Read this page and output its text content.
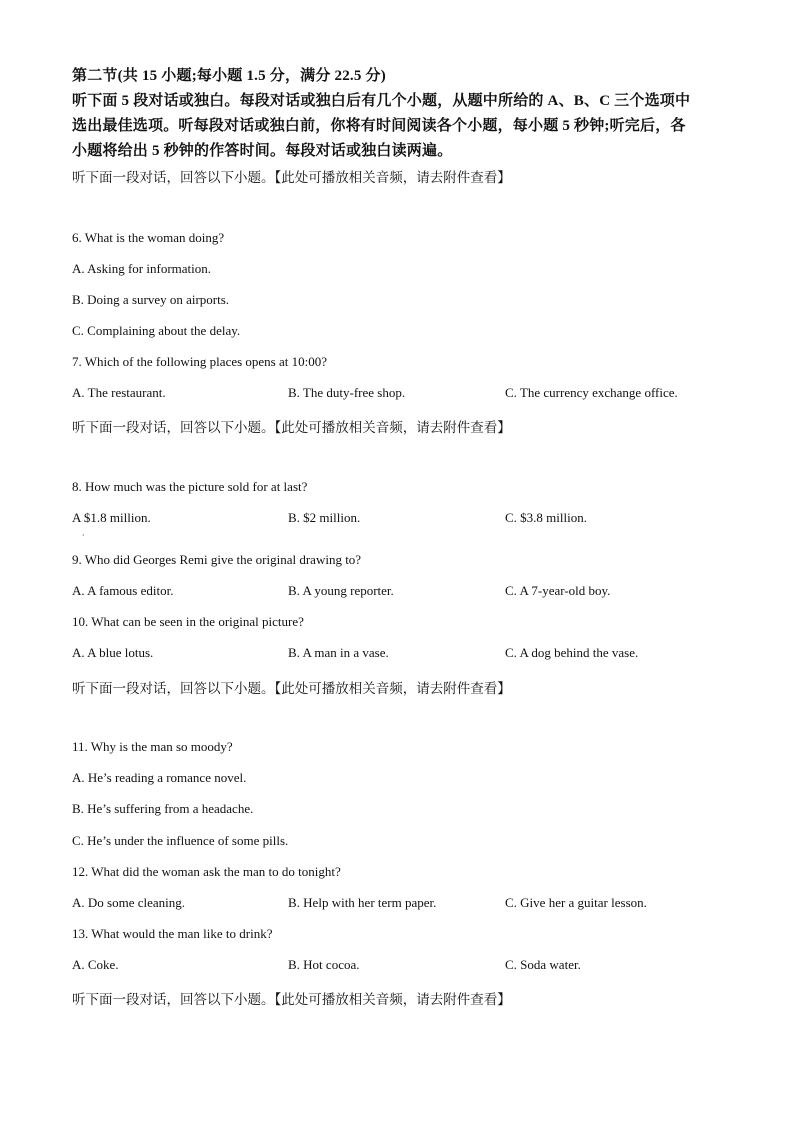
第二节(共 15 小题;每小题 1.5 分，满分 22.5 分)
听下面 5 段对话或独白。每段对话或独白后有几个小题，从题中所给的 A、B、C 三个选项中
选出最佳选项。听每段对话或独白前，你将有时间阅读各个小题，每小题 5 秒钟;听完后，各
小题将给出 5 秒钟的作答时间。每段对话或独白读两遍。
听下面一段对话，回答以下小题。【此处可播放相关音频，请去附件查看】
6. What is the woman doing?
A. Asking for information.
B. Doing a survey on airports.
C. Complaining about the delay.
7. Which of the following places opens at 10:00?
A. The restaurant.	B. The duty-free shop.	C. The currency exchange office.
听下面一段对话，回答以下小题。【此处可播放相关音频，请去附件查看】
8. How much was the picture sold for at last?
A $1.8 million.	B. $2 million.	C. $3.8 million.
·
9. Who did Georges Remi give the original drawing to?
A. A famous editor.	B. A young reporter.	C. A 7-year-old boy.
10. What can be seen in the original picture?
A. A blue lotus.	B. A man in a vase.	C. A dog behind the vase.
听下面一段对话，回答以下小题。【此处可播放相关音频，请去附件查看】
11. Why is the man so moody?
A. He’s reading a romance novel.
B. He’s suffering from a headache.
C. He’s under the influence of some pills.
12. What did the woman ask the man to do tonight?
A. Do some cleaning.	B. Help with her term paper.	C. Give her a guitar lesson.
13. What would the man like to drink?
A. Coke.	B. Hot cocoa.	C. Soda water.
听下面一段对话，回答以下小题。【此处可播放相关音频，请去附件查看】
